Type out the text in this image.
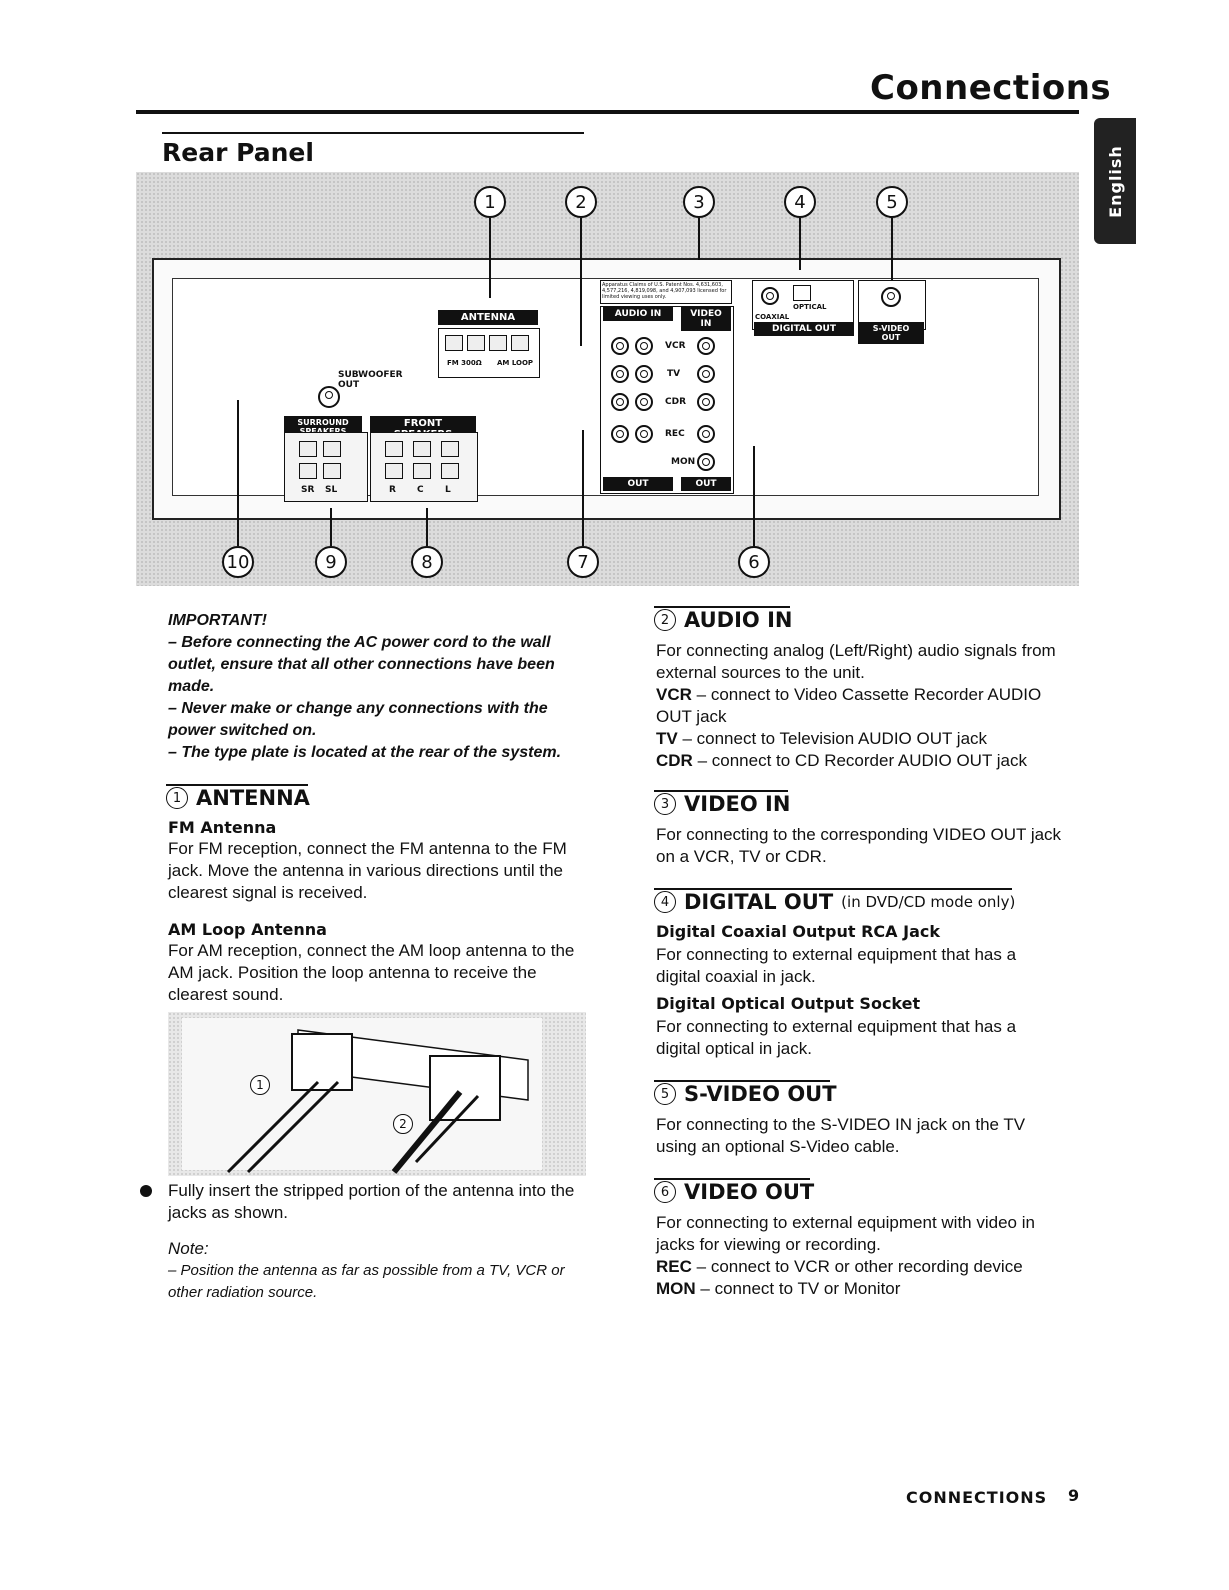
Connections
English
Rear Panel
1	2	3	4	5
10	9	8	7	6
ANTENNA
FM 300Ω AM LOOP
SUBWOOFER OUT
SURROUND	FRONT
SR SL	R C L
Apparatus Claims of U.S. Patent Nos. 4,631,603, 4,577,216, 4,819,098, and 4,907,093 licensed for limited viewing uses only.
AUDIO IN	VIDEO IN
VCR
TV
CDR
REC
MON
OUT	OUT
COAXIAL
OPTICAL
DIGITAL OUT	S-VIDEO OUT
IMPORTANT!
– Before connecting the AC power cord to the wall outlet, ensure that all other connections have been made.
– Never make or change any connections with the power switched on.
– The type plate is located at the rear of the system.
1 ANTENNA
FM Antenna
For FM reception, connect the FM antenna to the FM jack. Move the antenna in various directions until the clearest signal is received.
AM Loop Antenna
For AM reception, connect the AM loop antenna to the AM jack. Position the loop antenna to receive the clearest sound.
1
2
Fully insert the stripped portion of the antenna into the jacks as shown.
Note:
– Position the antenna as far as possible from a TV, VCR or other radiation source.
2 AUDIO IN
For connecting analog (Left/Right) audio signals from external sources to the unit.
VCR – connect to Video Cassette Recorder AUDIO OUT jack
TV – connect to Television AUDIO OUT jack
CDR – connect to CD Recorder AUDIO OUT jack
3 VIDEO IN
For connecting to the corresponding VIDEO OUT jack on a VCR, TV or CDR.
4 DIGITAL OUT (in DVD/CD mode only)
Digital Coaxial Output RCA Jack
For connecting to external equipment that has a digital coaxial in jack.
Digital Optical Output Socket
For connecting to external equipment that has a digital optical in jack.
5 S-VIDEO OUT
For connecting to the S-VIDEO IN jack on the TV using an optional S-Video cable.
6 VIDEO OUT
For connecting to external equipment with video in jacks for viewing or recording.
REC – connect to VCR or other recording device
MON – connect to TV or Monitor
CONNECTIONS 9
